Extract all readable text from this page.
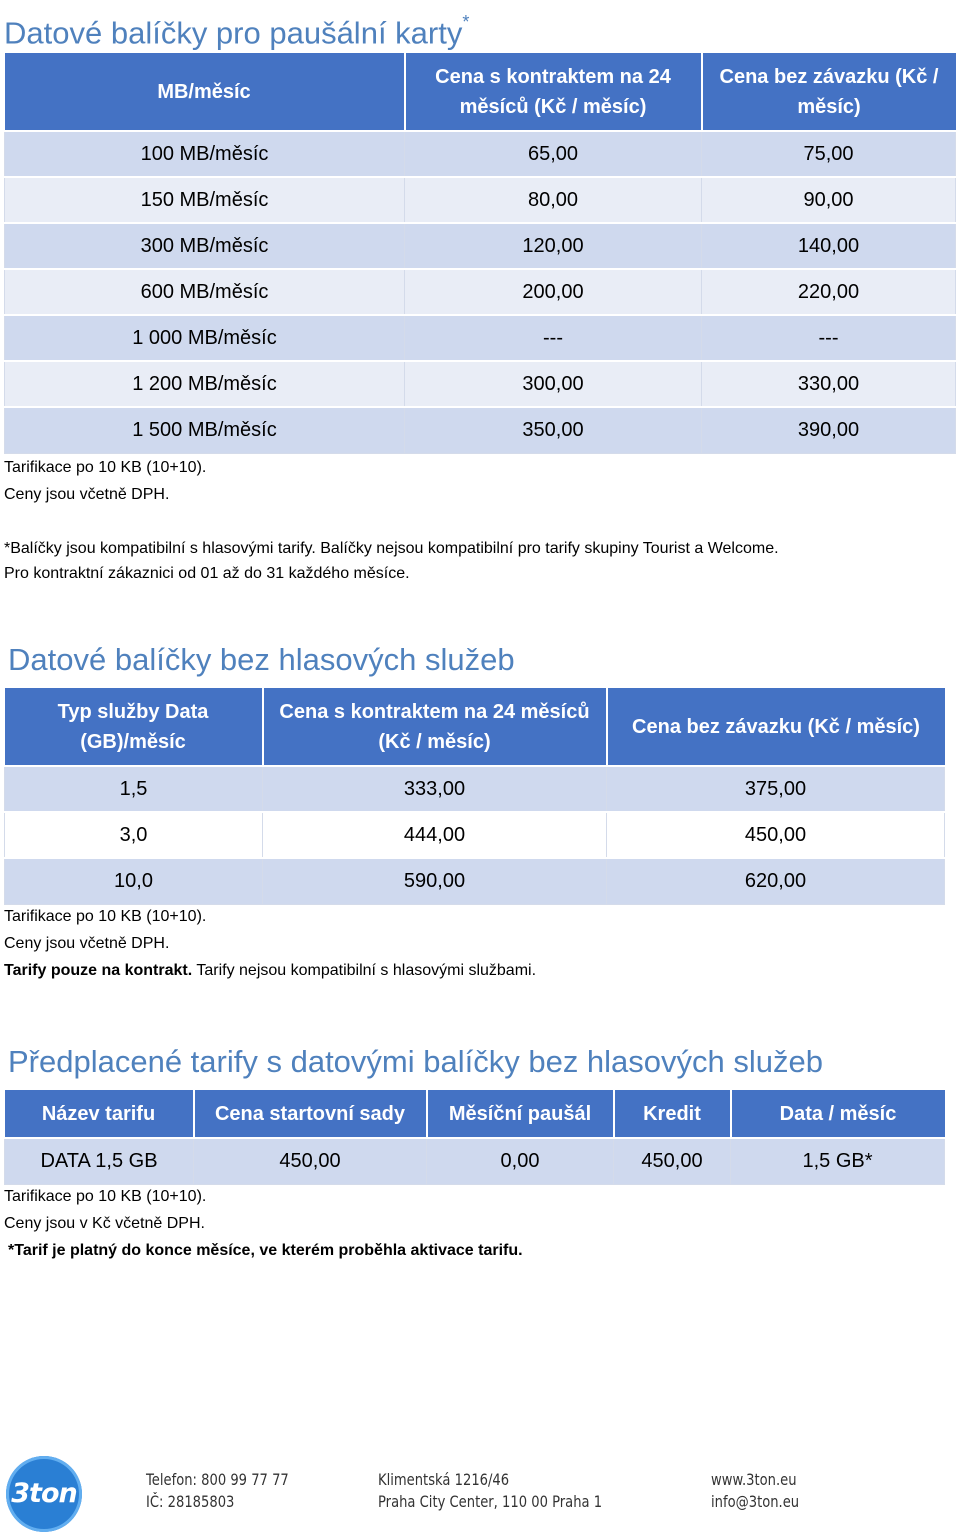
Datové balíčky pro paušální karty*
MB/měsíc	Cena s kontraktem na 24 měsíců (Kč / měsíc)	Cena bez závazku (Kč / měsíc)
100 MB/měsíc	65,00	75,00
150 MB/měsíc	80,00	90,00
300 MB/měsíc	120,00	140,00
600 MB/měsíc	200,00	220,00
1 000 MB/měsíc	---	---
1 200 MB/měsíc	300,00	330,00
1 500 MB/měsíc	350,00	390,00
Tarifikace po 10 KB (10+10).
Ceny jsou včetně DPH.
*Balíčky jsou kompatibilní s hlasovými tarify. Balíčky nejsou kompatibilní pro tarify skupiny Tourist a Welcome.
Pro kontraktní zákaznici od 01 až do 31 každého měsíce.
Datové balíčky bez hlasových služeb
Typ služby Data (GB)/měsíc	Cena s kontraktem na 24 měsíců (Kč / měsíc)	Cena bez závazku (Kč / měsíc)
1,5	333,00	375,00
3,0	444,00	450,00
10,0	590,00	620,00
Tarifikace po 10 KB (10+10).
Ceny jsou včetně DPH.
Tarify pouze na kontrakt. Tarify nejsou kompatibilní s hlasovými službami.
Předplacené tarify s datovými balíčky bez hlasových služeb
Název tarifu	Cena startovní sady	Měsíční paušál	Kredit	Data / měsíc
DATA 1,5 GB	450,00	0,00	450,00	1,5 GB*
Tarifikace po 10 KB (10+10).
Ceny jsou v Kč včetně DPH.
*Tarif je platný do konce měsíce, ve kterém proběhla aktivace tarifu.
3ton	Telefon: 800 99 77 77
IČ: 28185803
Klimentská 1216/46
Praha City Center, 110 00 Praha 1
www.3ton.eu
info@3ton.eu
